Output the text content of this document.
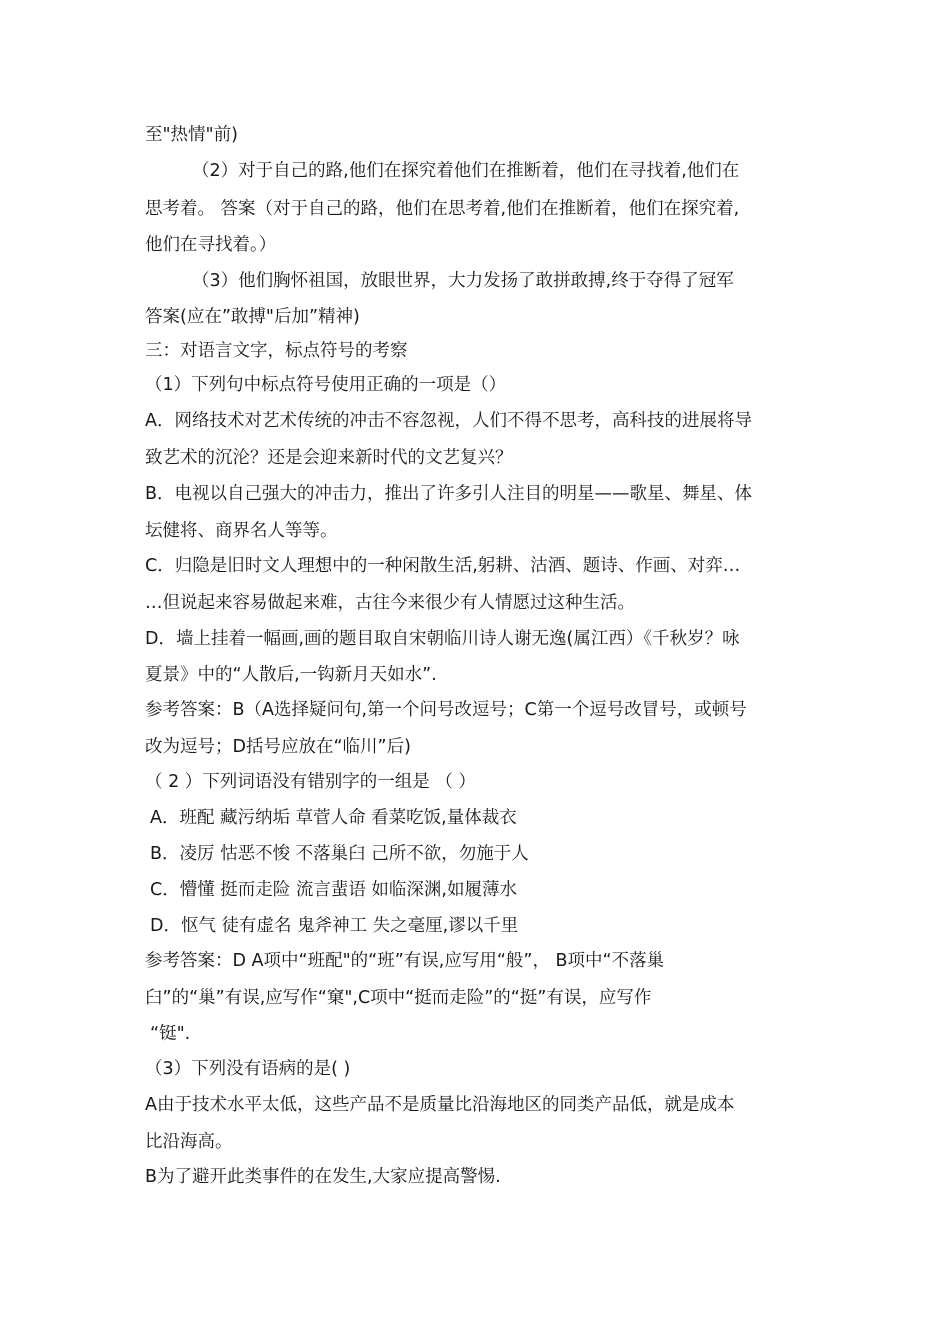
至"热情"前)
（2）对于自己的路,他们在探究着他们在推断着，他们在寻找着,他们在
思考着。 答案（对于自己的路，他们在思考着,他们在推断着，他们在探究着,
他们在寻找着。）
（3）他们胸怀祖国，放眼世界，大力发扬了敢拼敢搏,终于夺得了冠军
答案(应在”敢搏"后加”精神)
三：对语言文字，标点符号的考察
（1）下列句中标点符号使用正确的一项是（）
A．网络技术对艺术传统的冲击不容忽视，人们不得不思考，高科技的进展将导
致艺术的沉沦？还是会迎来新时代的文艺复兴？
B．电视以自己强大的冲击力，推出了许多引人注目的明星——歌星、舞星、体
坛健将、商界名人等等。
C．归隐是旧时文人理想中的一种闲散生活,躬耕、沽酒、题诗、作画、对弈…
…但说起来容易做起来难，古往今来很少有人情愿过这种生活。
D．墙上挂着一幅画,画的题目取自宋朝临川诗人谢无逸(属江西）《千秋岁？咏
夏景》中的“人散后,一钩新月天如水”.
参考答案：B（A选择疑问句,第一个问号改逗号；C第一个逗号改冒号，或顿号
改为逗号；D括号应放在“临川”后)
（ 2 ）下列词语没有错别字的一组是 （ ）
A．班配 藏污纳垢 草菅人命 看菜吃饭,量体裁衣
B．凌厉 怙恶不悛 不落巢臼 己所不欲，勿施于人
C．懵懂 挺而走险 流言蜚语 如临深渊,如履薄水
D．怄气 徒有虚名 鬼斧神工 失之毫厘,谬以千里
参考答案：D A项中“班配"的“班”有误,应写用“般”， B项中“不落巢
臼”的“巢”有误,应写作“窠",C项中“挺而走险”的“挺”有误，应写作
“铤".
（3）下列没有语病的是( )
A由于技术水平太低，这些产品不是质量比沿海地区的同类产品低，就是成本
比沿海高。
B为了避开此类事件的在发生,大家应提高警惕.
